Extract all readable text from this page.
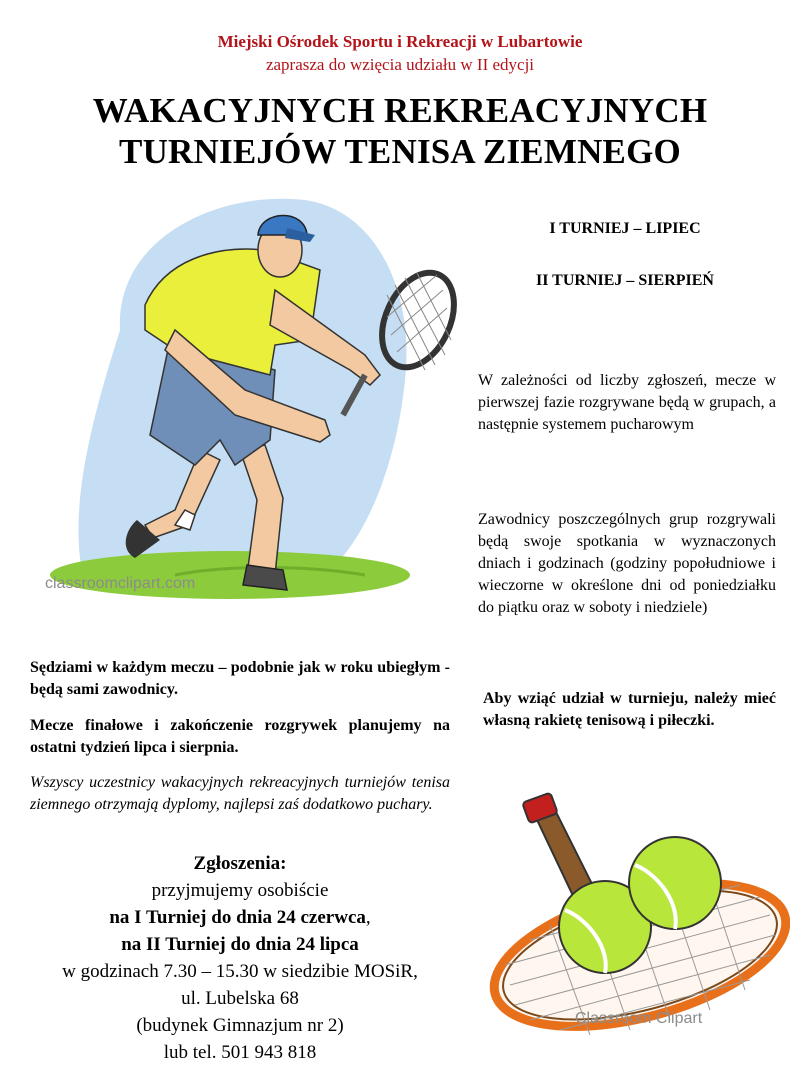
Miejski Ośrodek Sportu i Rekreacji w Lubartowie
zaprasza do wzięcia udziału w II edycji
WAKACYJNYCH REKREACYJNYCH
TURNIEJÓW TENISA ZIEMNEGO
classroomclipart.com
I TURNIEJ – LIPIEC
II TURNIEJ – SIERPIEŃ
W zależności od liczby zgłoszeń, mecze w pierwszej fazie rozgrywane będą w grupach, a następnie systemem pucharowym
Zawodnicy poszczególnych grup rozgrywali będą swoje spotkania w wyznaczonych dniach i godzinach (godziny popołudniowe i wieczorne w określone dni od poniedziałku do piątku oraz w soboty i niedziele)
Aby wziąć udział w turnieju, należy mieć własną rakietę tenisową i piłeczki.
Sędziami w każdym meczu – podobnie jak w roku ubiegłym - będą sami zawodnicy.
Mecze finałowe i zakończenie rozgrywek planujemy na ostatni tydzień lipca i sierpnia.
Wszyscy uczestnicy wakacyjnych rekreacyjnych turniejów tenisa ziemnego otrzymają dyplomy, najlepsi zaś dodatkowo puchary.
Zgłoszenia:
przyjmujemy osobiście
na I Turniej do dnia 24 czerwca,
na II Turniej do dnia 24 lipca
w godzinach 7.30 – 15.30 w siedzibie MOSiR,
ul. Lubelska 68
(budynek Gimnazjum nr 2)
lub tel. 501 943 818
Classroom Clipart
